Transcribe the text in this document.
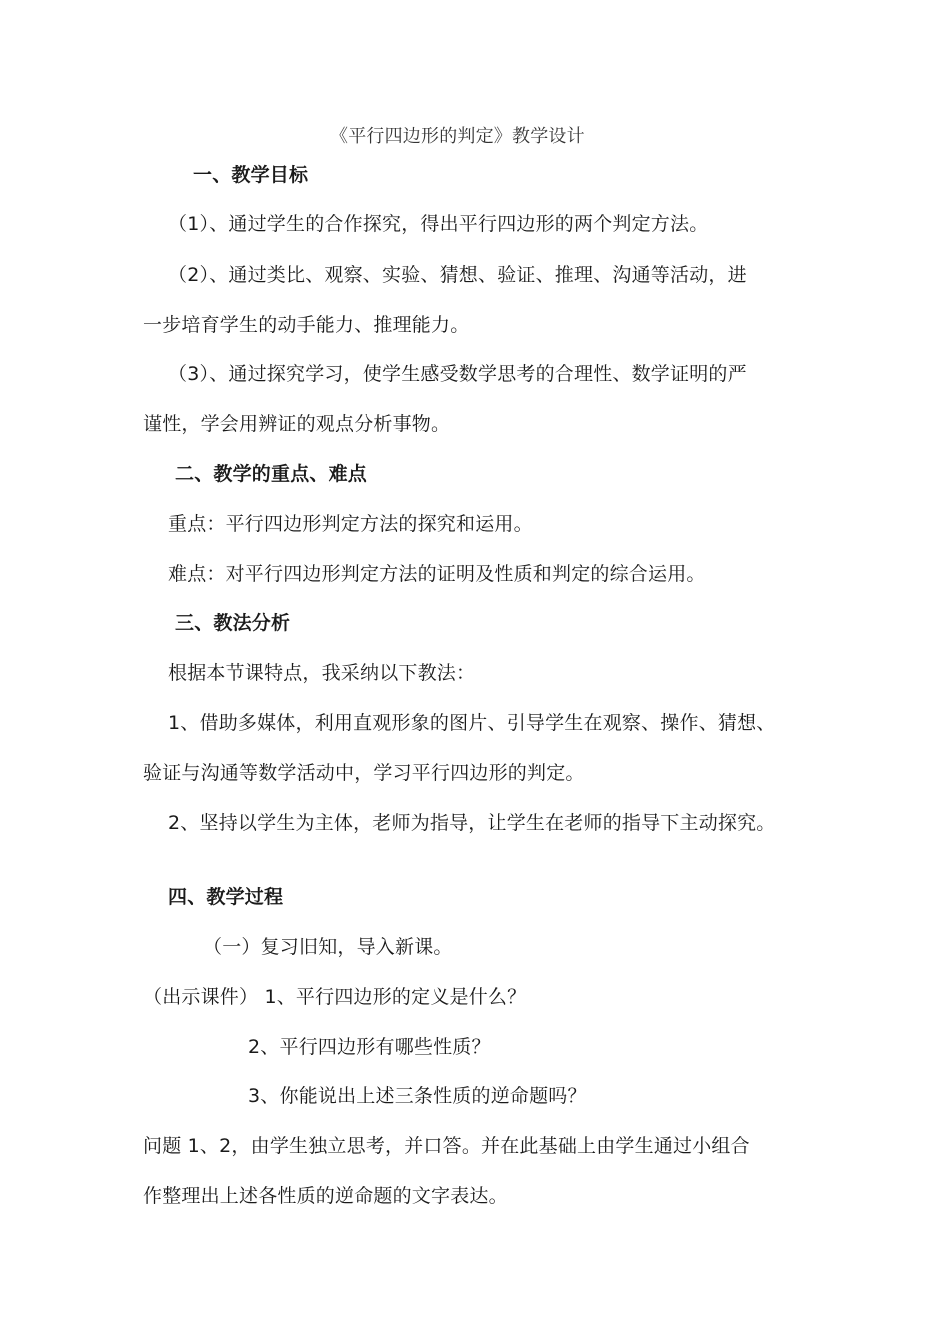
《平行四边形的判定》教学设计
一、教学目标
（1）、通过学生的合作探究，得出平行四边形的两个判定方法。
（2）、通过类比、观察、实验、猜想、验证、推理、沟通等活动，进
一步培育学生的动手能力、推理能力。
（3）、通过探究学习，使学生感受数学思考的合理性、数学证明的严
谨性，学会用辨证的观点分析事物。
二、教学的重点、难点
重点：平行四边形判定方法的探究和运用。
难点：对平行四边形判定方法的证明及性质和判定的综合运用。
三、教法分析
根据本节课特点，我采纳以下教法：
1、借助多媒体，利用直观形象的图片、引导学生在观察、操作、猜想、
验证与沟通等数学活动中，学习平行四边形的判定。
2、坚持以学生为主体，老师为指导，让学生在老师的指导下主动探究。
四、教学过程
（一）复习旧知，导入新课。
（出示课件） 1、平行四边形的定义是什么？
2、平行四边形有哪些性质？
3、你能说出上述三条性质的逆命题吗？
问题 1、2，由学生独立思考，并口答。并在此基础上由学生通过小组合
作整理出上述各性质的逆命题的文字表达。
